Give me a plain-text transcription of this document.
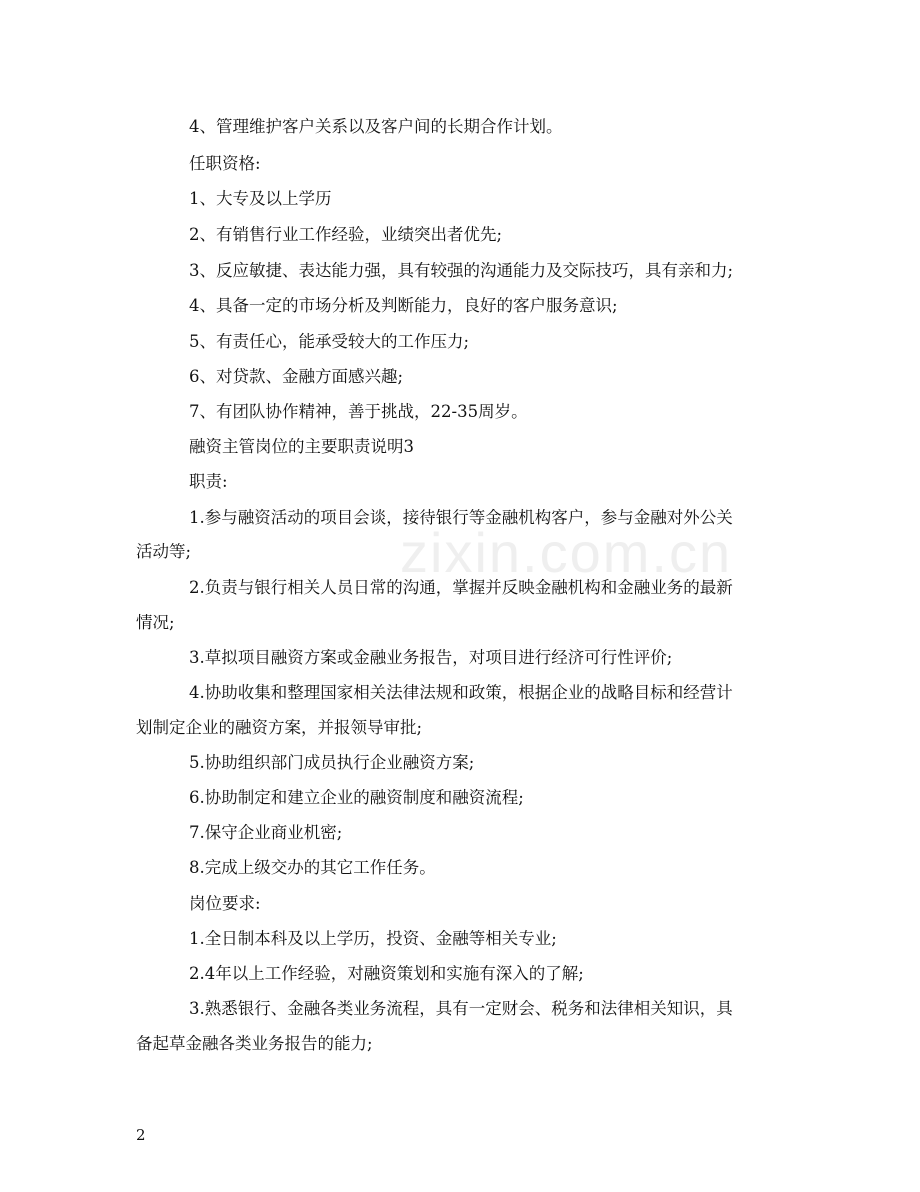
zixin.com.cn
4、管理维护客户关系以及客户间的长期合作计划。
任职资格:
1、大专及以上学历
2、有销售行业工作经验，业绩突出者优先;
3、反应敏捷、表达能力强，具有较强的沟通能力及交际技巧，具有亲和力;
4、具备一定的市场分析及判断能力，良好的客户服务意识;
5、有责任心，能承受较大的工作压力;
6、对贷款、金融方面感兴趣;
7、有团队协作精神，善于挑战，22-35周岁。
融资主管岗位的主要职责说明3
职责:
1.参与融资活动的项目会谈，接待银行等金融机构客户，参与金融对外公关
活动等;
2.负责与银行相关人员日常的沟通，掌握并反映金融机构和金融业务的最新
情况;
3.草拟项目融资方案或金融业务报告，对项目进行经济可行性评价;
4.协助收集和整理国家相关法律法规和政策，根据企业的战略目标和经营计
划制定企业的融资方案，并报领导审批;
5.协助组织部门成员执行企业融资方案;
6.协助制定和建立企业的融资制度和融资流程;
7.保守企业商业机密;
8.完成上级交办的其它工作任务。
岗位要求:
1.全日制本科及以上学历，投资、金融等相关专业;
2.4年以上工作经验，对融资策划和实施有深入的了解;
3.熟悉银行、金融各类业务流程，具有一定财会、税务和法律相关知识，具
备起草金融各类业务报告的能力;
2
